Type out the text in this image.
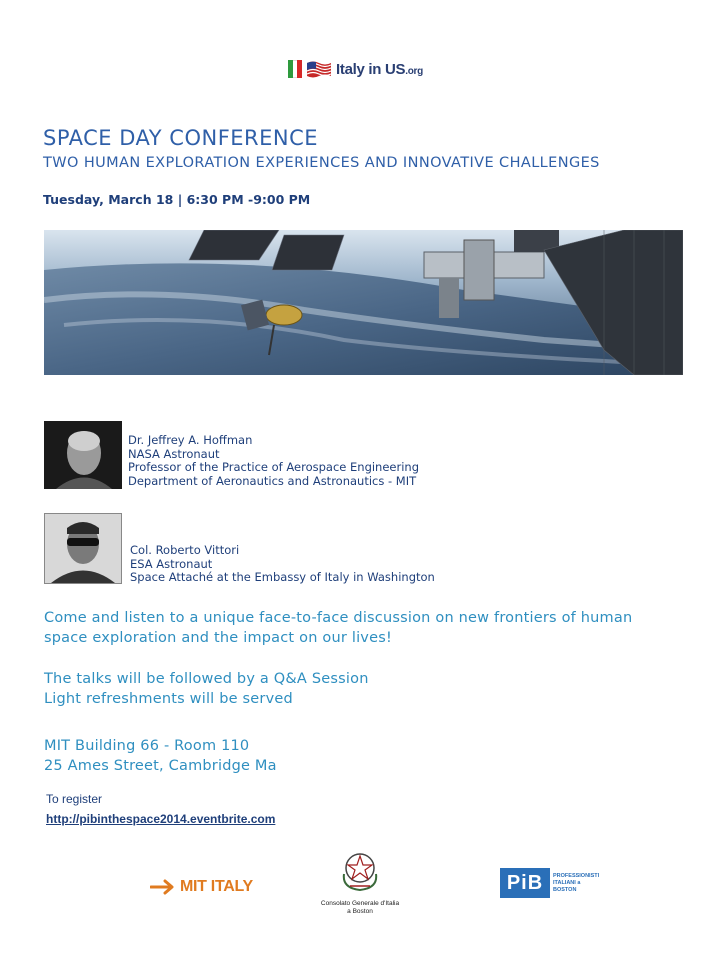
Italy in US.org
SPACE DAY CONFERENCE
TWO HUMAN EXPLORATION EXPERIENCES AND INNOVATIVE CHALLENGES
Tuesday, March 18 | 6:30 PM -9:00 PM
Dr. Jeffrey A. Hoffman
NASA Astronaut
Professor of the Practice of Aerospace Engineering
Department of Aeronautics and Astronautics - MIT
Col. Roberto Vittori
ESA Astronaut
Space Attaché at the Embassy of Italy in Washington
Come and listen to a unique face-to-face discussion on new frontiers of human
space exploration and the impact on our lives!
The talks will be followed by a Q&A Session
Light refreshments will be served
MIT Building 66 - Room 110
25 Ames Street, Cambridge Ma
To register
http://pibinthespace2014.eventbrite.com
MIT ITALY
Consolato Generale d'Italia
a Boston
PiB	PROFESSIONISTI
ITALIANI a
BOSTON
